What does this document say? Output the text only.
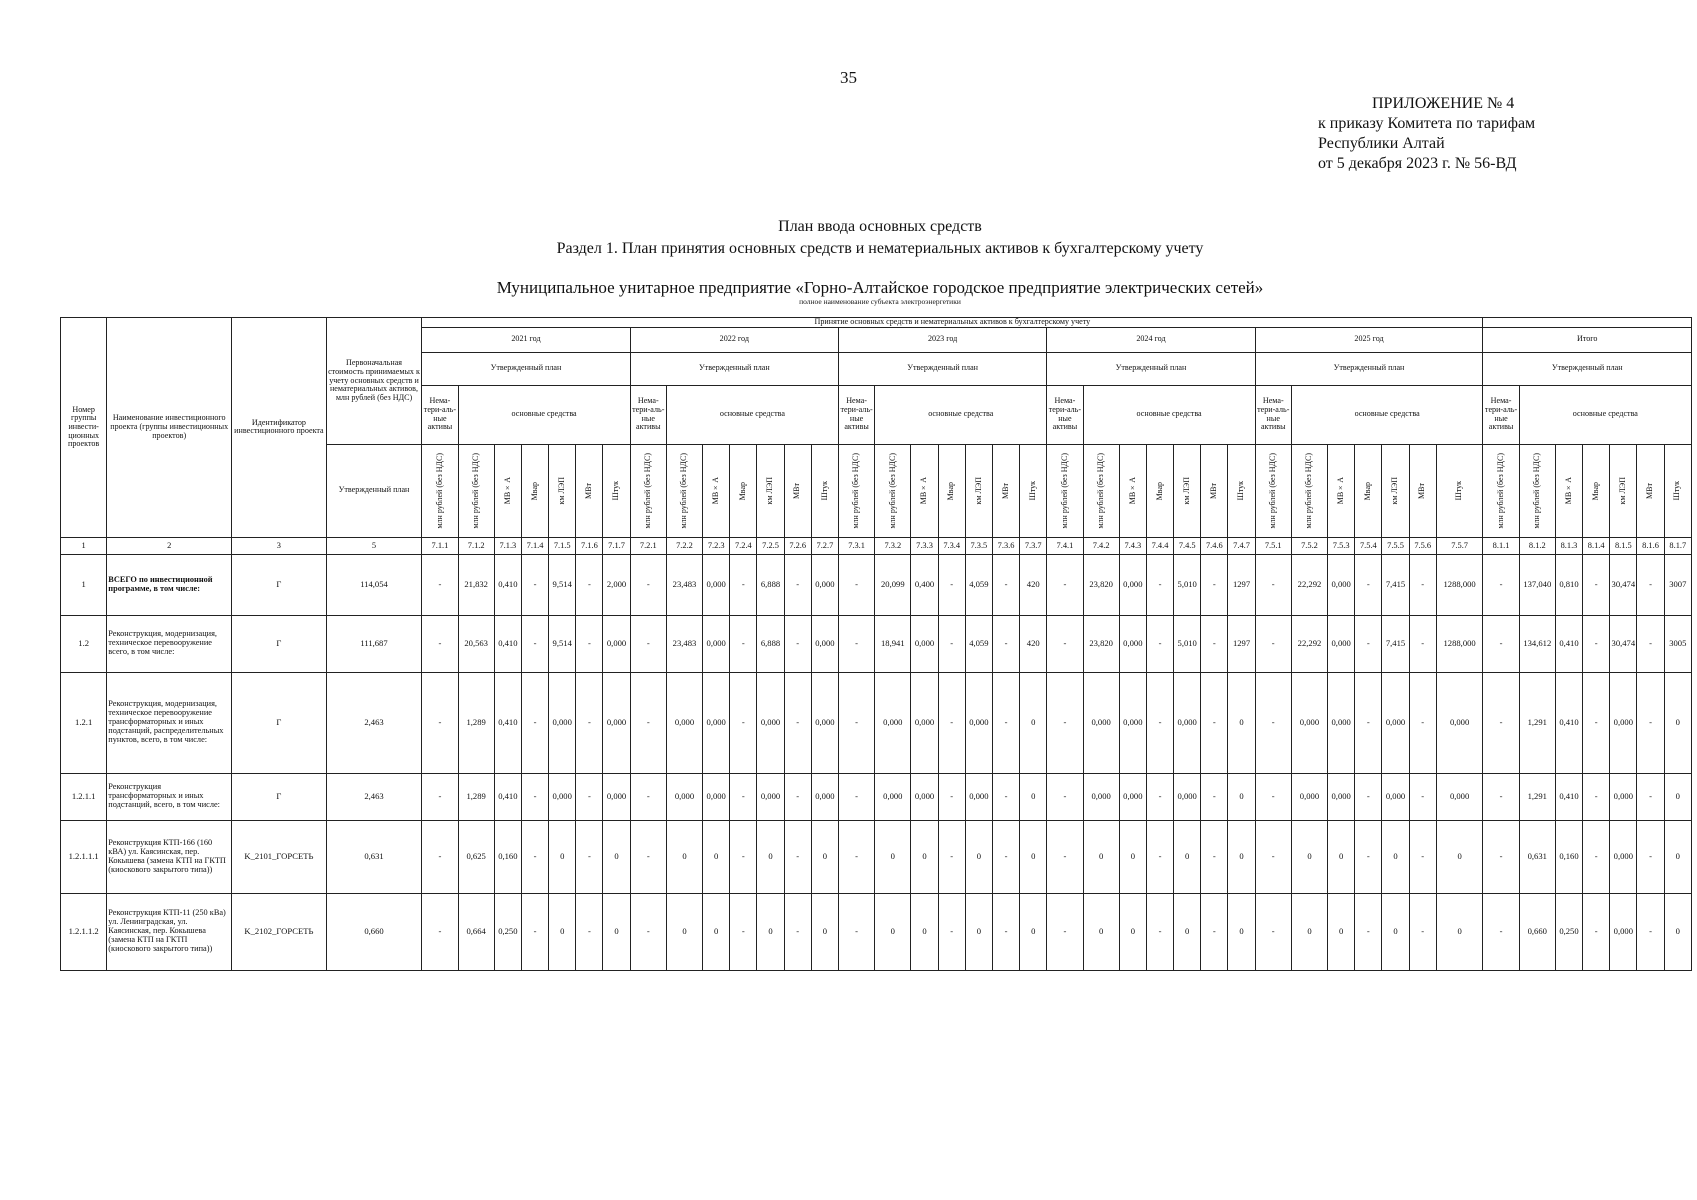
35
ПРИЛОЖЕНИЕ № 4
к приказу Комитета по тарифам
Республики Алтай
от 5 декабря 2023 г. № 56-ВД
План ввода основных средств
Раздел 1. План принятия основных средств и нематериальных активов к бухгалтерскому учету
Муниципальное унитарное предприятие «Горно-Алтайское городское предприятие электрических сетей»
полное наименование субъекта электроэнергетики
Номер группы инвести-ционных проектов	Наименование инвестиционного проекта (группы инвестиционных проектов)	Идентификатор инвестиционного проекта	Первоначальная стоимость принимаемых к учету основных средств и нематериальных активов, млн рублей (без НДС)	Принятие основных средств и нематериальных активов к бухгалтерскому учету																																									
				2021 год							2022 год							2023 год							2024 год							2025 год							Итого						
				Утвержденный план							Утвержденный план							Утвержденный план							Утвержденный план							Утвержденный план							Утвержденный план						
				Нема-тери-аль-ные активы	основные средства						Нема-тери-аль-ные активы	основные средства						Нема-тери-аль-ные активы	основные средства						Нема-тери-аль-ные активы	основные средства						Нема-тери-аль-ные активы	основные средства						Нема-тери-аль-ные активы	основные средства					
			Утвержденный план	млн рублей (без НДС)	млн рублей (без НДС)	МВ×А	Мвар	км ЛЭП	МВт	Штук	млн рублей (без НДС)	млн рублей (без НДС)	МВ×А	Мвар	км ЛЭП	МВт	Штук	млн рублей (без НДС)	млн рублей (без НДС)	МВ×А	Мвар	км ЛЭП	МВт	Штук	млн рублей (без НДС)	млн рублей (без НДС)	МВ×А	Мвар	км ЛЭП	МВт	Штук	млн рублей (без НДС)	млн рублей (без НДС)	МВ×А	Мвар	км ЛЭП	МВт	Штук	млн рублей (без НДС)	млн рублей (без НДС)	МВ×А	Мвар	км ЛЭП	МВт	Штук

1	2	3	5	7.1.1	7.1.2	7.1.3	7.1.4	7.1.5	7.1.6	7.1.7	7.2.1	7.2.2	7.2.3	7.2.4	7.2.5	7.2.6	7.2.7	7.3.1	7.3.2	7.3.3	7.3.4	7.3.5	7.3.6	7.3.7	7.4.1	7.4.2	7.4.3	7.4.4	7.4.5	7.4.6	7.4.7	7.5.1	7.5.2	7.5.3	7.5.4	7.5.5	7.5.6	7.5.7	8.1.1	8.1.2	8.1.3	8.1.4	8.1.5	8.1.6	8.1.7
1	ВСЕГО по инвестиционной программе, в том числе:	Г	114,054	-	21,832	0,410	-	9,514	-	2,000	-	23,483	0,000	-	6,888	-	0,000	-	20,099	0,400	-	4,059	-	420	-	23,820	0,000	-	5,010	-	1297	-	22,292	0,000	-	7,415	-	1288,000	-	137,040	0,810	-	30,474	-	3007
1.2	Реконструкция, модернизация, техническое перевооружение всего, в том числе:	Г	111,687	-	20,563	0,410	-	9,514	-	0,000	-	23,483	0,000	-	6,888	-	0,000	-	18,941	0,000	-	4,059	-	420	-	23,820	0,000	-	5,010	-	1297	-	22,292	0,000	-	7,415	-	1288,000	-	134,612	0,410	-	30,474	-	3005
1.2.1	Реконструкция, модернизация, техническое перевооружение трансформаторных и иных подстанций, распределительных пунктов, всего, в том числе:	Г	2,463	-	1,289	0,410	-	0,000	-	0,000	-	0,000	0,000	-	0,000	-	0,000	-	0,000	0,000	-	0,000	-	0	-	0,000	0,000	-	0,000	-	0	-	0,000	0,000	-	0,000	-	0,000	-	1,291	0,410	-	0,000	-	0
1.2.1.1	Реконструкция трансформаторных и иных подстанций, всего, в том числе:	Г	2,463	-	1,289	0,410	-	0,000	-	0,000	-	0,000	0,000	-	0,000	-	0,000	-	0,000	0,000	-	0,000	-	0	-	0,000	0,000	-	0,000	-	0	-	0,000	0,000	-	0,000	-	0,000	-	1,291	0,410	-	0,000	-	0
1.2.1.1.1	Реконструкция КТП-166 (160 кВА) ул. Каясинская, пер. Кокышева (замена КТП на ГКТП (киоскового закрытого типа))	K_2101_ГОРСЕТЬ	0,631	-	0,625	0,160	-	0	-	0	-	0	0	-	0	-	0	-	0	0	-	0	-	0	-	0	0	-	0	-	0	-	0	0	-	0	-	0	-	0,631	0,160	-	0,000	-	0
1.2.1.1.2	Реконструкция КТП-11 (250 кВа) ул. Ленинградская, ул. Каясинская, пер. Кокышева (замена КТП на ГКТП (киоскового закрытого типа))	K_2102_ГОРСЕТЬ	0,660	-	0,664	0,250	-	0	-	0	-	0	0	-	0	-	0	-	0	0	-	0	-	0	-	0	0	-	0	-	0	-	0	0	-	0	-	0	-	0,660	0,250	-	0,000	-	0
